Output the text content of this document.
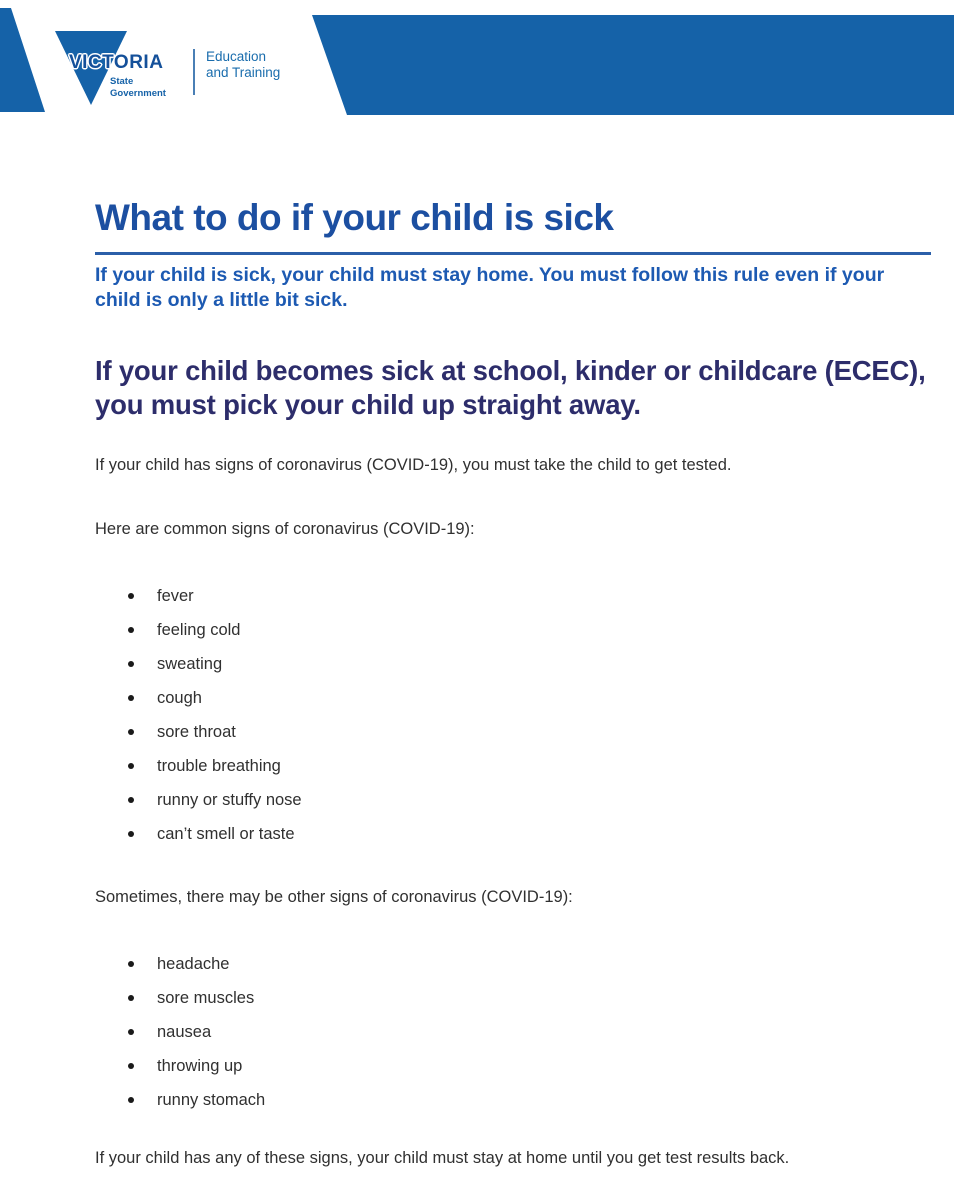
VICTORIA
State
Government
Education
and Training
What to do if your child is sick

If your child is sick, your child must stay home. You must follow this rule even if your child is only a little bit sick.

If your child becomes sick at school, kinder or childcare (ECEC), you must pick your child up straight away.

If your child has signs of coronavirus (COVID-19), you must take the child to get tested.

Here are common signs of coronavirus (COVID-19):

fever
feeling cold
sweating
cough
sore throat
trouble breathing
runny or stuffy nose
can’t smell or taste

Sometimes, there may be other signs of coronavirus (COVID-19):

headache
sore muscles
nausea
throwing up
runny stomach

If your child has any of these signs, your child must stay at home until you get test results back.
